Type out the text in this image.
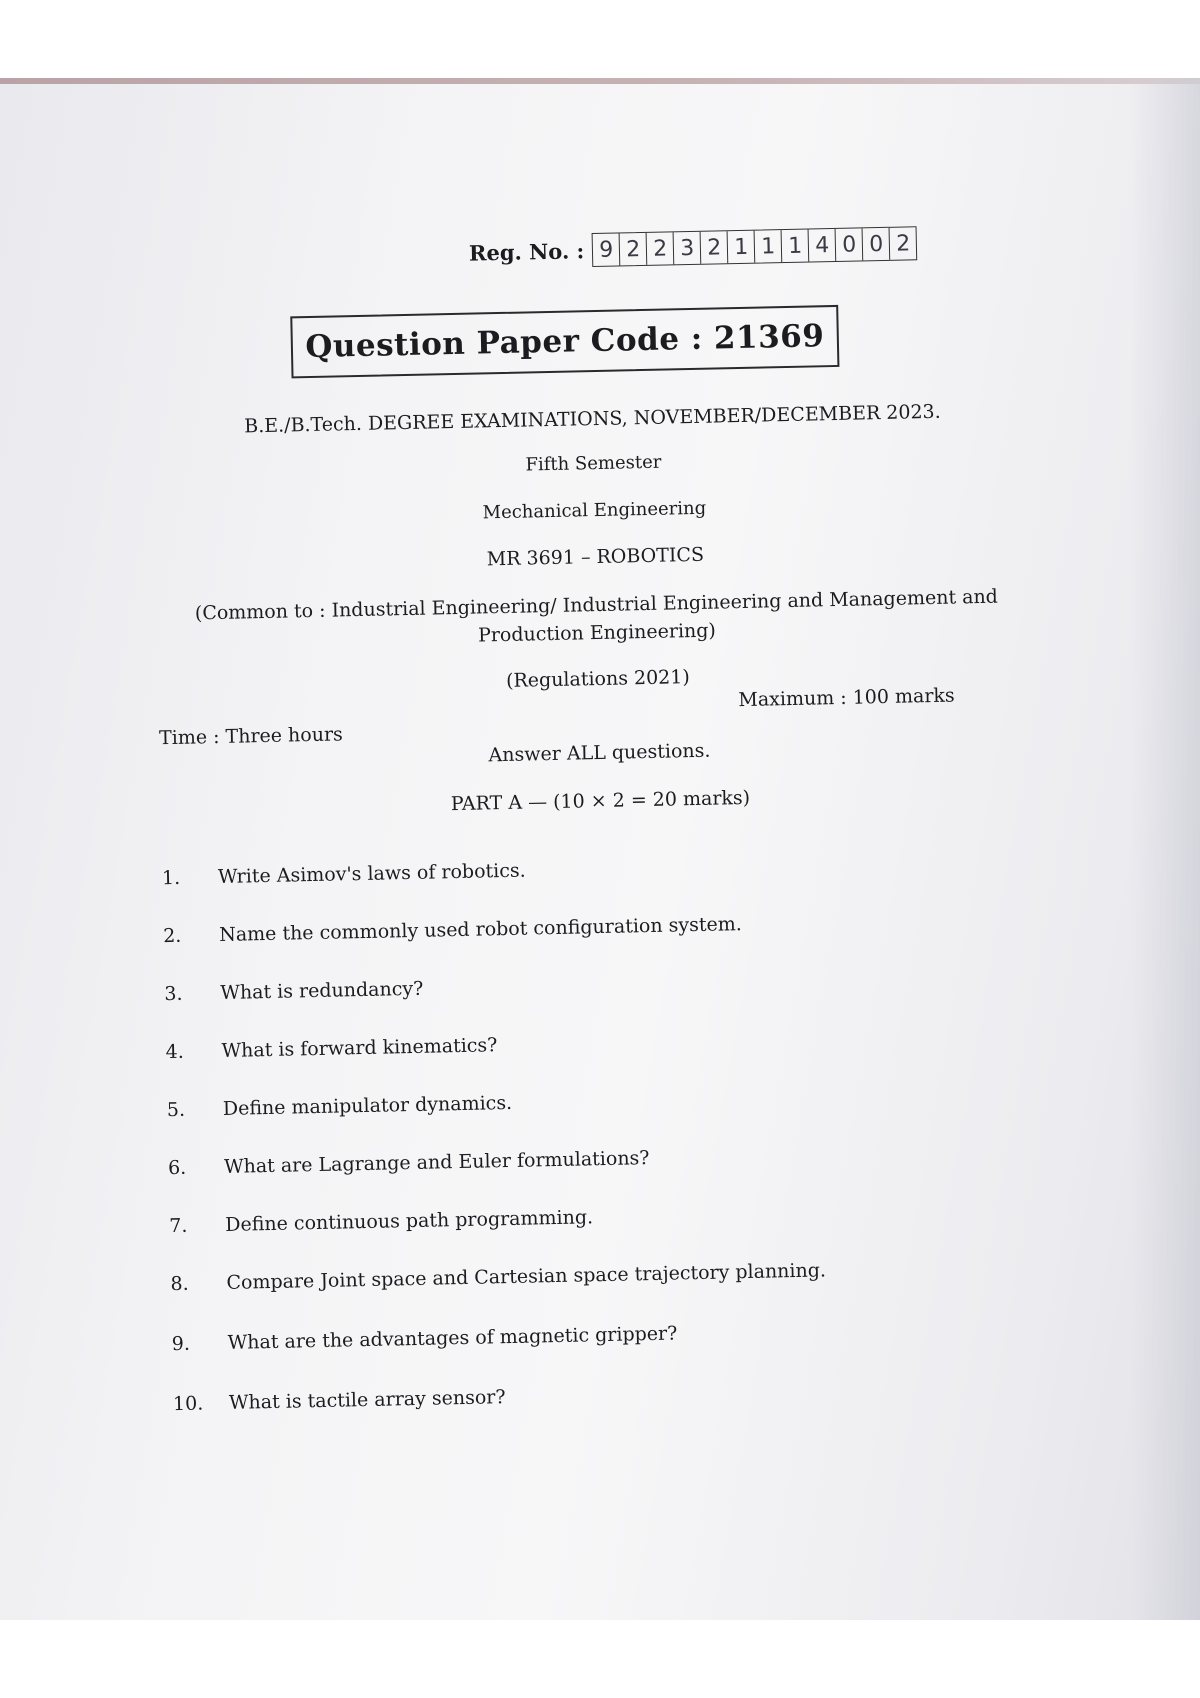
Reg. No. : 9 2 2 3 2 1 1 1 4 0 0 2
Question Paper Code : 21369
B.E./B.Tech. DEGREE EXAMINATIONS, NOVEMBER/DECEMBER 2023.
Fifth Semester
Mechanical Engineering
MR 3691 – ROBOTICS
(Common to : Industrial Engineering/ Industrial Engineering and Management and
Production Engineering)
(Regulations 2021)
Time : Three hours
Maximum : 100 marks
Answer ALL questions.
PART A — (10 × 2 = 20 marks)
1. Write Asimov's laws of robotics.
2. Name the commonly used robot configuration system.
3. What is redundancy?
4. What is forward kinematics?
5. Define manipulator dynamics.
6. What are Lagrange and Euler formulations?
7. Define continuous path programming.
8. Compare Joint space and Cartesian space trajectory planning.
9. What are the advantages of magnetic gripper?
10. What is tactile array sensor?
